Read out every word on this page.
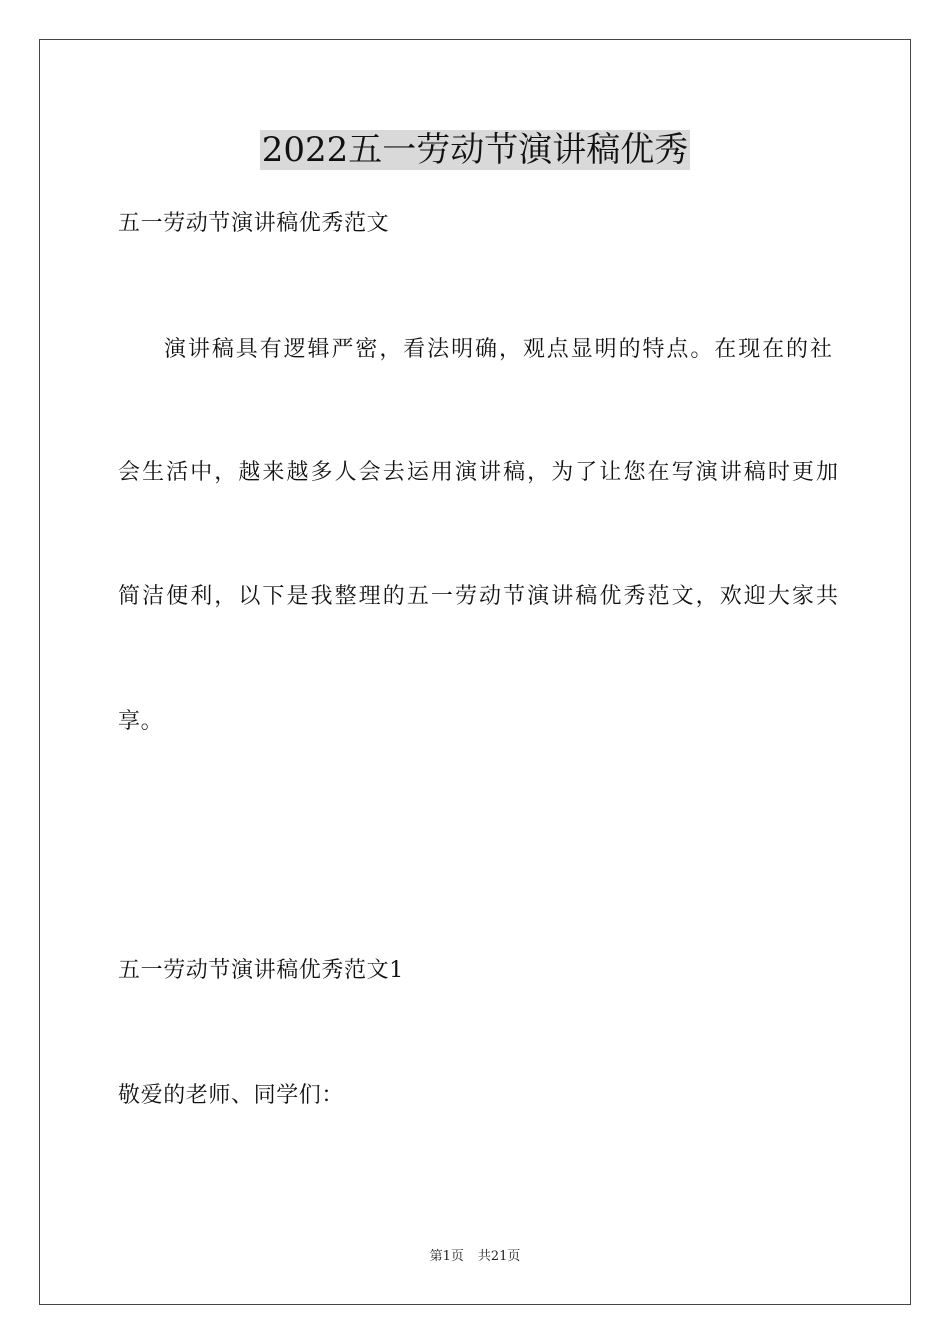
2022五一劳动节演讲稿优秀
五一劳动节演讲稿优秀范文
演讲稿具有逻辑严密，看法明确，观点显明的特点。在现在的社
会生活中，越来越多人会去运用演讲稿，为了让您在写演讲稿时更加
简洁便利，以下是我整理的五一劳动节演讲稿优秀范文，欢迎大家共
享。
五一劳动节演讲稿优秀范文1
敬爱的老师、同学们：
第1页 共21页
